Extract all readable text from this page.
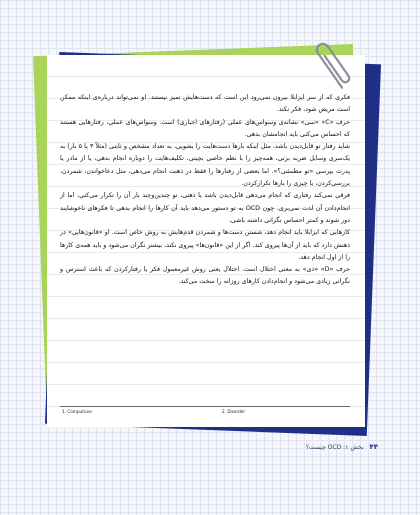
فکری که از سر ایزابلا بیرون نمی‌رود این است که دست‌هایش تمیز نیستند. او نمی‌تواند درباره‌ی اینکه ممکن است مریض شود، فکر نکند.

حرف «C» «سی» نشانه‌ی وسواس‌های عملی (رفتارهای اجباری) است. وسواس‌های عملی، رفتارهایی هستند که احساس می‌کنی باید انجامشان بدهی.

شاید رفتار تو قابل‌دیدن باشد، مثل اینکه بارها دست‌هایت را بشویی، به تعداد مشخص و ثابتی (مثلاً ۳ یا ۵ بار) به یک‌سری وسایل ضربه بزنی، همه‌چیز را با نظم خاصی بچینی، تکلیف‌هایت را دوباره انجام بدهی، یا از مادر یا پدرت بپرسی «تو مطمئنی؟». اما بعضی از رفتارها را فقط در ذهنت انجام می‌دهی، مثل دعاخواندن، شمردن، بررسی‌کردن، یا چیزی را بارها تکرارکردن.

فرقی نمی‌کند رفتاری که انجام می‌دهی قابل‌دیدن باشد یا ذهنی، تو چندین‌وچند بار آن را تکرار می‌کنی، اما از انجام‌دادن آن لذت نمی‌بری. چون OCD به تو دستور می‌دهد باید آن کارها را انجام بدهی تا فکرهای ناخوشایند دور شوند و کمتر احساس نگرانی داشته باشی.

کارهایی که ایزابلا باید انجام دهد، شستن دست‌ها و شمردن قدم‌هایش به روش خاص است. او «قانون‌هایی» در ذهنش دارد که باید از آن‌ها پیروی کند. اگر از این «قانون‌ها» پیروی نکند، بیشتر نگران می‌شود و باید همه‌ی کارها را از اول انجام دهد.

حرف «D» «دی» به معنی اختلال است. اختلال یعنی روش غیرمعمول فکر یا رفتارکردن که باعث استرس و نگرانی زیادی می‌شود و انجام‌دادن کارهای روزانه را سخت می‌کند.

1. Compulsive	2. Disorder
۴۴ بخش ۱: OCD چیست؟
